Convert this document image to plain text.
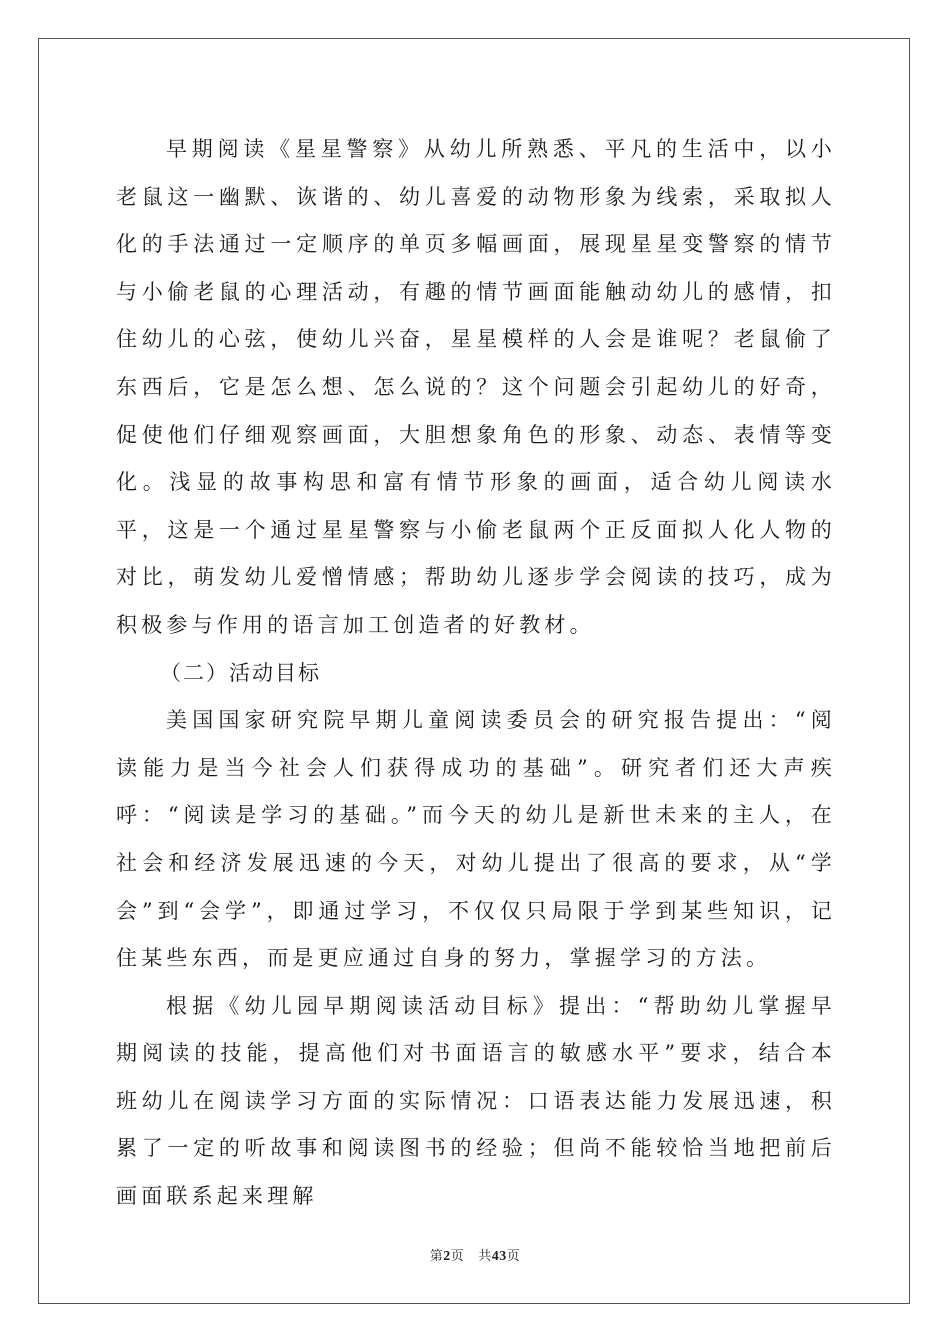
早期阅读《星星警察》从幼儿所熟悉、平凡的生活中，以小老鼠这一幽默、诙谐的、幼儿喜爱的动物形象为线索，采取拟人化的手法通过一定顺序的单页多幅画面，展现星星变警察的情节与小偷老鼠的心理活动，有趣的情节画面能触动幼儿的感情，扣住幼儿的心弦，使幼儿兴奋，星星模样的人会是谁呢？老鼠偷了东西后，它是怎么想、怎么说的？这个问题会引起幼儿的好奇，促使他们仔细观察画面，大胆想象角色的形象、动态、表情等变化。浅显的故事构思和富有情节形象的画面，适合幼儿阅读水平，这是一个通过星星警察与小偷老鼠两个正反面拟人化人物的对比，萌发幼儿爱憎情感；帮助幼儿逐步学会阅读的技巧，成为积极参与作用的语言加工创造者的好教材。

（二）活动目标

美国国家研究院早期儿童阅读委员会的研究报告提出：“阅读能力是当今社会人们获得成功的基础”。研究者们还大声疾呼：“阅读是学习的基础。”而今天的幼儿是新世未来的主人，在社会和经济发展迅速的今天，对幼儿提出了很高的要求，从“学会”到“会学”，即通过学习，不仅仅只局限于学到某些知识，记住某些东西，而是更应通过自身的努力，掌握学习的方法。

根据《幼儿园早期阅读活动目标》提出：“帮助幼儿掌握早期阅读的技能，提高他们对书面语言的敏感水平”要求，结合本班幼儿在阅读学习方面的实际情况：口语表达能力发展迅速，积累了一定的听故事和阅读图书的经验；但尚不能较恰当地把前后画面联系起来理解

第2页 共43页
